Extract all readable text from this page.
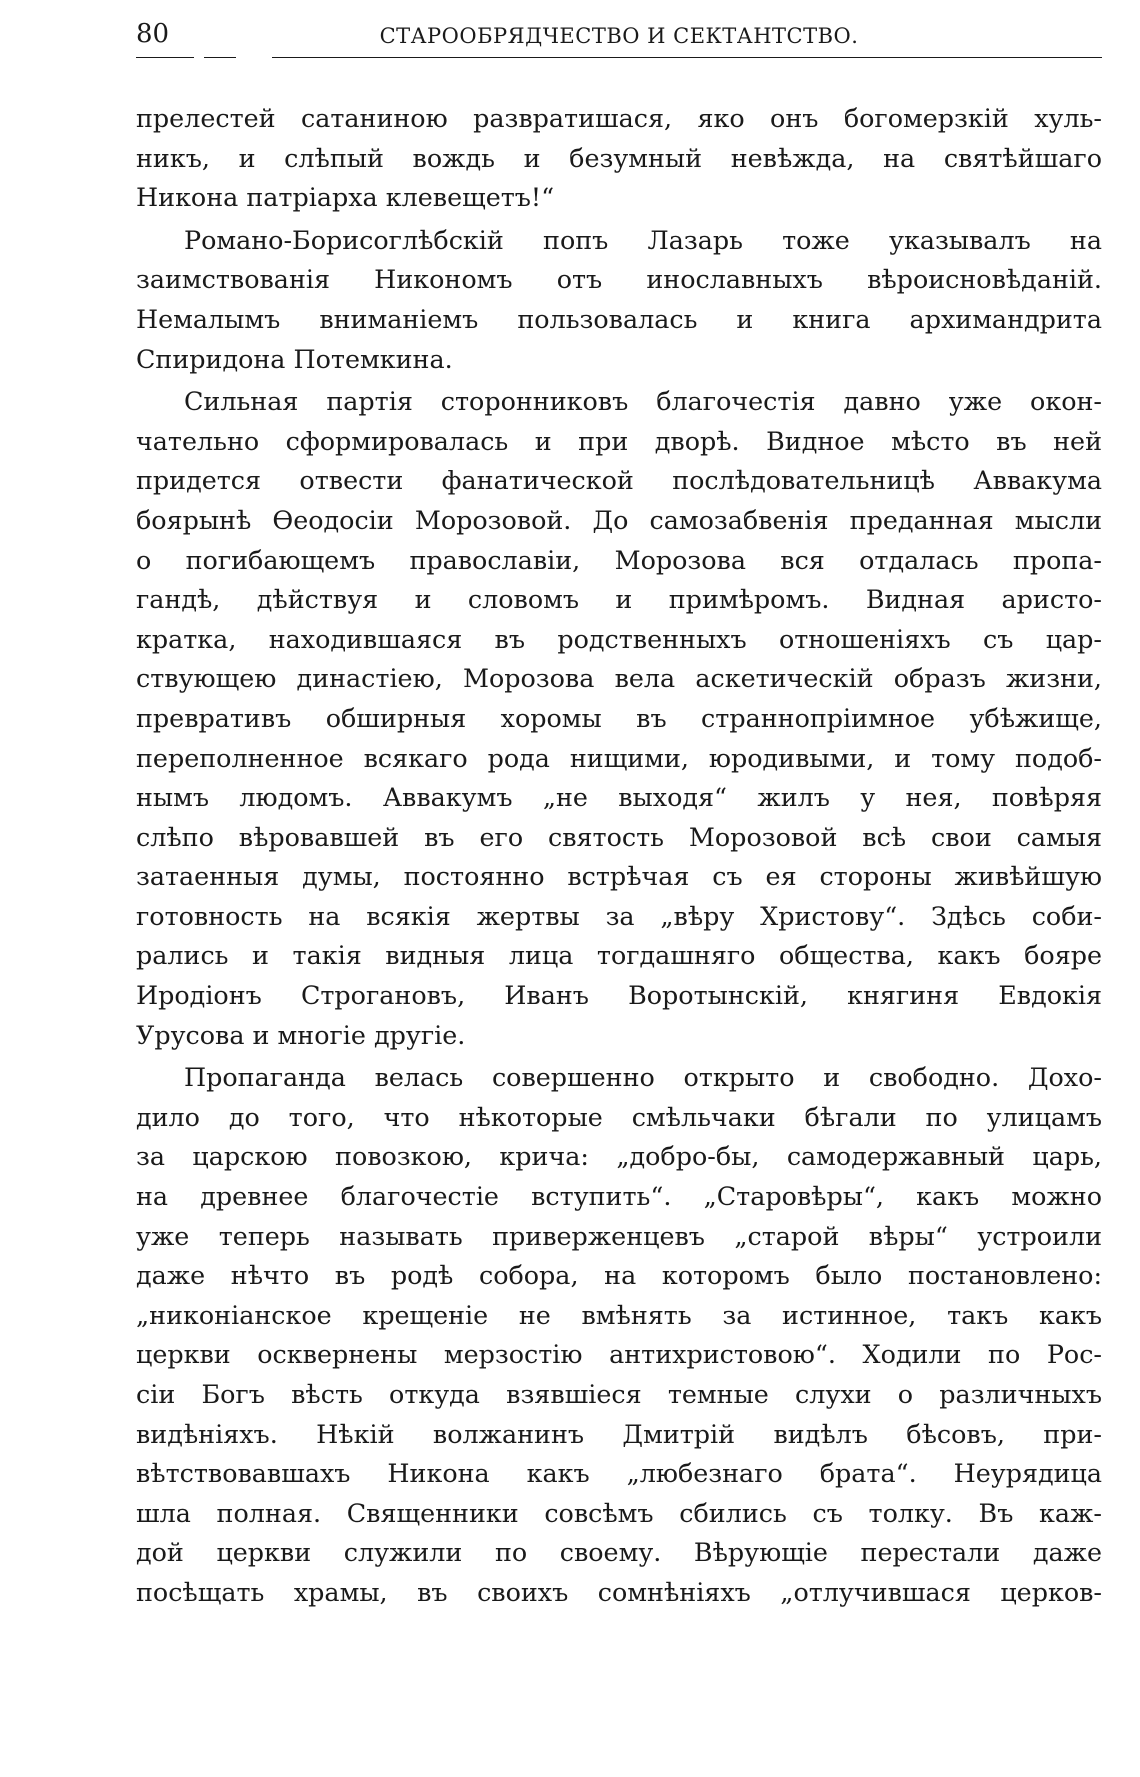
80	СТАРООБРЯДЧЕСТВО И СЕКТАНТСТВО.
прелестей сатаниною развратишася, яко онъ богомерзкій хуль-
никъ, и слѣпый вождь и безумный невѣжда, на святѣйшаго
Никона патріарха клевещетъ!“
Романо-Борисоглѣбскій попъ Лазарь тоже указывалъ на
заимствованія Никономъ отъ инославныхъ вѣроисновѣданій.
Немалымъ вниманіемъ пользовалась и книга архимандрита
Спиридона Потемкина.
Сильная партія сторонниковъ благочестія давно уже окон-
чательно сформировалась и при дворѣ. Видное мѣсто въ ней
придется отвести фанатической послѣдовательницѣ Аввакума
боярынѣ Ѳеодосіи Морозовой. До самозабвенія преданная мысли
о погибающемъ православіи, Морозова вся отдалась пропа-
гандѣ, дѣйствуя и словомъ и примѣромъ. Видная аристо-
кратка, находившаяся въ родственныхъ отношеніяхъ съ цар-
ствующею династіею, Морозова вела аскетическій образъ жизни,
превративъ обширныя хоромы въ страннопріимное убѣжище,
переполненное всякаго рода нищими, юродивыми, и тому подоб-
нымъ людомъ. Аввакумъ „не выходя“ жилъ у нея, повѣряя
слѣпо вѣровавшей въ его святость Морозовой всѣ свои самыя
затаенныя думы, постоянно встрѣчая съ ея стороны живѣйшую
готовность на всякія жертвы за „вѣру Христову“. Здѣсь соби-
рались и такія видныя лица тогдашняго общества, какъ бояре
Иродіонъ Строгановъ, Иванъ Воротынскій, княгиня Евдокія
Урусова и многіе другіе.
Пропаганда велась совершенно открыто и свободно. Дохо-
дило до того, что нѣкоторые смѣльчаки бѣгали по улицамъ
за царскою повозкою, крича: „добро-бы, самодержавный царь,
на древнее благочестіе вступить“. „Старовѣры“, какъ можно
уже теперь называть приверженцевъ „старой вѣры“ устроили
даже нѣчто въ родѣ собора, на которомъ было постановлено:
„никоніанское крещеніе не вмѣнять за истинное, такъ какъ
церкви осквернены мерзостію антихристовою“. Ходили по Рос-
сіи Богъ вѣсть откуда взявшіеся темные слухи о различныхъ
видѣніяхъ. Нѣкій волжанинъ Дмитрій видѣлъ бѣсовъ, при-
вѣтствовавшахъ Никона какъ „любезнаго брата“. Неурядица
шла полная. Священники совсѣмъ сбились съ толку. Въ каж-
дой церкви служили по своему. Вѣрующіе перестали даже
посѣщать храмы, въ своихъ сомнѣніяхъ „отлучившася церков-
